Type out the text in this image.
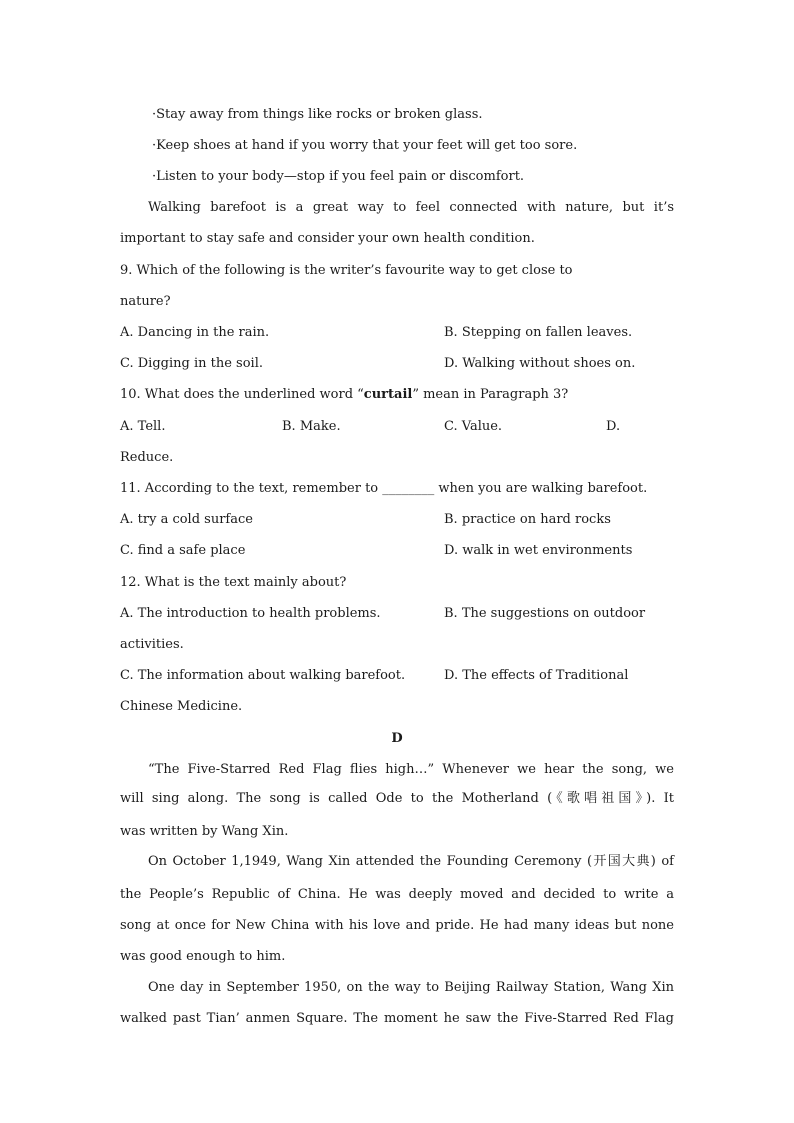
·Stay away from things like rocks or broken glass.
·Keep shoes at hand if you worry that your feet will get too sore.
·Listen to your body—stop if you feel pain or discomfort.
Walking barefoot is a great way to feel connected with nature, but it’s
important to stay safe and consider your own health condition.
9. Which of the following is the writer’s favourite way to get close to
nature?
A. Dancing in the rain.	B. Stepping on fallen leaves.
C. Digging in the soil.	D. Walking without shoes on.
10. What does the underlined word “curtail” mean in Paragraph 3?
A. Tell.	B. Make.	C. Value.	D.
Reduce.
11. According to the text, remember to ________ when you are walking barefoot.
A. try a cold surface	B. practice on hard rocks
C. find a safe place	D. walk in wet environments
12. What is the text mainly about?
A. The introduction to health problems.	B. The suggestions on outdoor
activities.
C. The information about walking barefoot.	D. The effects of Traditional
Chinese Medicine.
D
“The Five-Starred Red Flag flies high…” Whenever we hear the song, we
will sing along. The song is called Ode to the Motherland (《歌唱祖国》). It
was written by Wang Xin.
On October 1,1949, Wang Xin attended the Founding Ceremony (开国大典) of
the People’s Republic of China. He was deeply moved and decided to write a
song at once for New China with his love and pride. He had many ideas but none
was good enough to him.
One day in September 1950, on the way to Beijing Railway Station, Wang Xin
walked past Tian’ anmen Square. The moment he saw the Five-Starred Red Flag
